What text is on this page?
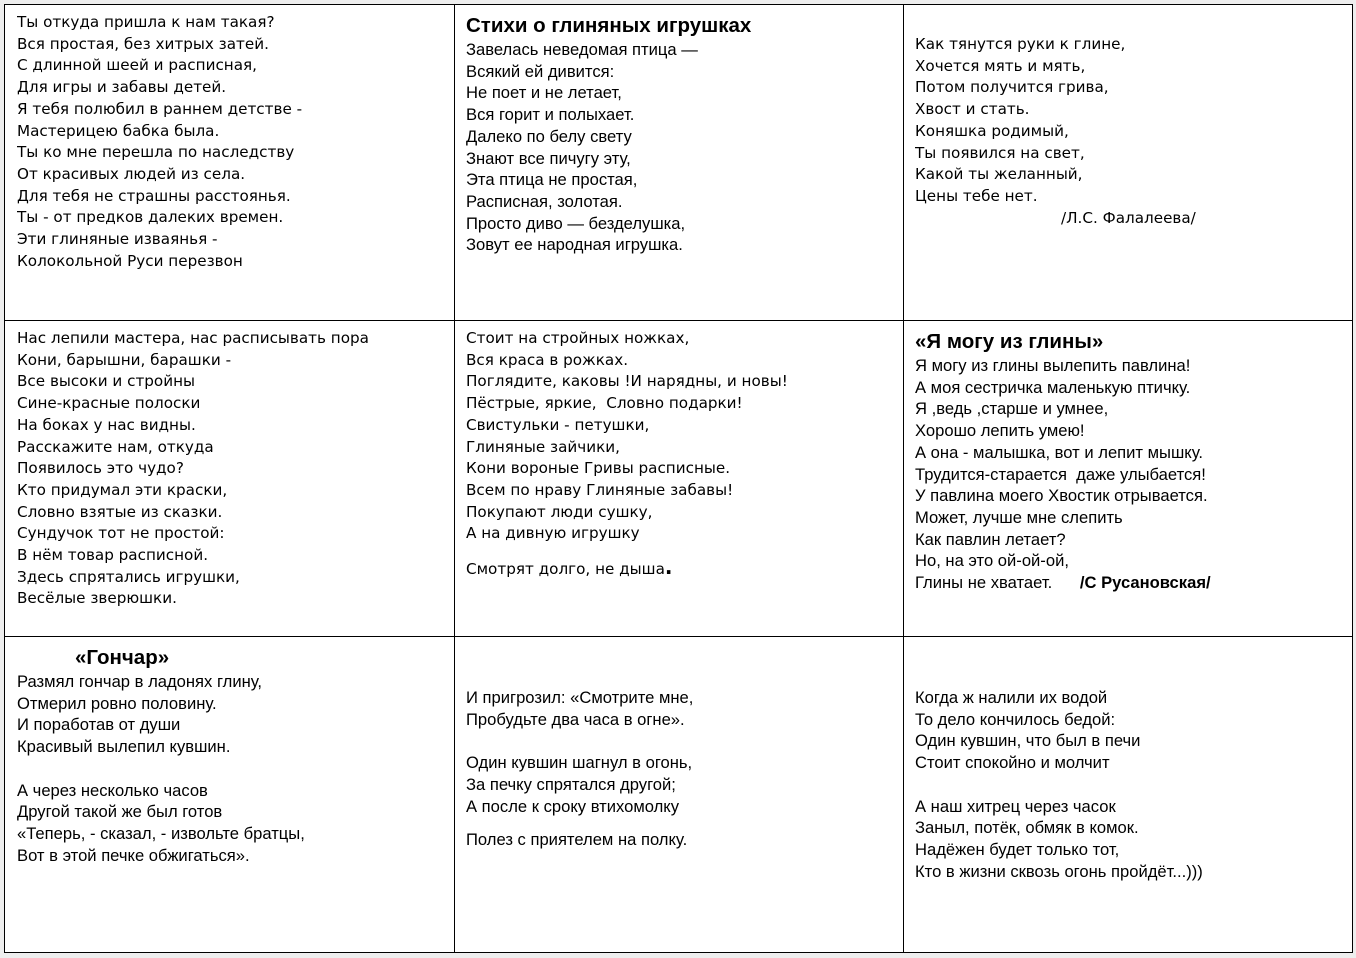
Ты откуда пришла к нам такая?
Вся простая, без хитрых затей.
С длинной шеей и расписная,
Для игры и забавы детей.
Я тебя полюбил в раннем детстве -
Мастерицею бабка была.
Ты ко мне перешла по наследству
От красивых людей из села.
Для тебя не страшны расстоянья.
Ты - от предков далеких времен.
Эти глиняные изваянья -
Колокольной Руси перезвон
Стихи о глиняных игрушках
Завелась неведомая птица —
Всякий ей дивится:
Не поет и не летает,
Вся горит и полыхает.
Далеко по белу свету
Знают все пичугу эту,
Эта птица не простая,
Расписная, золотая.
Просто диво — безделушка,
Зовут ее народная игрушка.
Как тянутся руки к глине,
Хочется мять и мять,
Потом получится грива,
Хвост и стать.
Коняшка родимый,
Ты появился на свет,
Какой ты желанный,
Цены тебе нет.
/Л.С. Фалалеева/
Нас лепили мастера, нас расписывать пора
Кони, барышни, барашки -
Все высоки и стройны
Сине-красные полоски
На боках у нас видны.
Расскажите нам, откуда
Появилось это чудо?
Кто придумал эти краски,
Словно взятые из сказки.
Сундучок тот не простой:
В нём товар расписной.
Здесь спрятались игрушки,
Весёлые зверюшки.
Стоит на стройных ножках,
Вся краса в рожках.
Поглядите, каковы !И нарядны, и новы!
Пёстрые, яркие,  Словно подарки!
Свистульки - петушки,
Глиняные зайчики,
Кони вороные Гривы расписные.
Всем по нраву Глиняные забавы!
Покупают люди сушку,
А на дивную игрушку
Смотрят долго, не дыша.
«Я могу из глины»
Я могу из глины вылепить павлина!
А моя сестричка маленькую птичку.
Я ,ведь ,старше и умнее,
Хорошо лепить умею!
А она - малышка, вот и лепит мышку.
Трудится-старается  даже улыбается!
У павлина моего Хвостик отрывается.
Может, лучше мне слепить
Как павлин летает?
Но, на это ой-ой-ой,
Глины не хватает.      /С Русановская/
«Гончар»
Размял гончар в ладонях глину,
Отмерил ровно половину.
И поработав от души
Красивый вылепил кувшин.
А через несколько часов
Другой такой же был готов
«Теперь, - сказал, - извольте братцы,
Вот в этой печке обжигаться».
И пригрозил: «Смотрите мне,
Пробудьте два часа в огне».
Один кувшин шагнул в огонь,
За печку спрятался другой;
А после к сроку втихомолку
Полез с приятелем на полку.
Когда ж налили их водой
То дело кончилось бедой:
Один кувшин, что был в печи
Стоит спокойно и молчит
А наш хитрец через часок
Заныл, потёк, обмяк в комок.
Надёжен будет только тот,
Кто в жизни сквозь огонь пройдёт...)))
